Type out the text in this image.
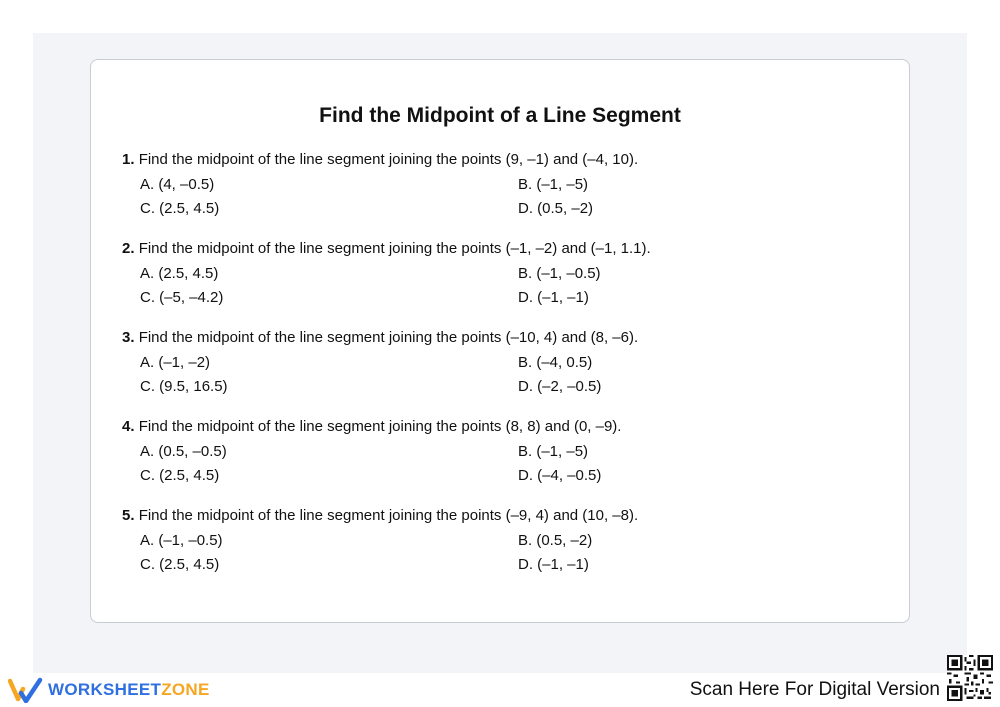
Find the Midpoint of a Line Segment
1. Find the midpoint of the line segment joining the points (9, –1) and (–4, 10).
A. (4, –0.5)	B. (–1, –5)
C. (2.5, 4.5)	D. (0.5, –2)
2. Find the midpoint of the line segment joining the points (–1, –2) and (–1, 1.1).
A. (2.5, 4.5)	B. (–1, –0.5)
C. (–5, –4.2)	D. (–1, –1)
3. Find the midpoint of the line segment joining the points (–10, 4) and (8, –6).
A. (–1, –2)	B. (–4, 0.5)
C. (9.5, 16.5)	D. (–2, –0.5)
4. Find the midpoint of the line segment joining the points (8, 8) and (0, –9).
A. (0.5, –0.5)	B. (–1, –5)
C. (2.5, 4.5)	D. (–4, –0.5)
5. Find the midpoint of the line segment joining the points (–9, 4) and (10, –8).
A. (–1, –0.5)	B. (0.5, –2)
C. (2.5, 4.5)	D. (–1, –1)
WORKSHEETZONE	Scan Here For Digital Version
